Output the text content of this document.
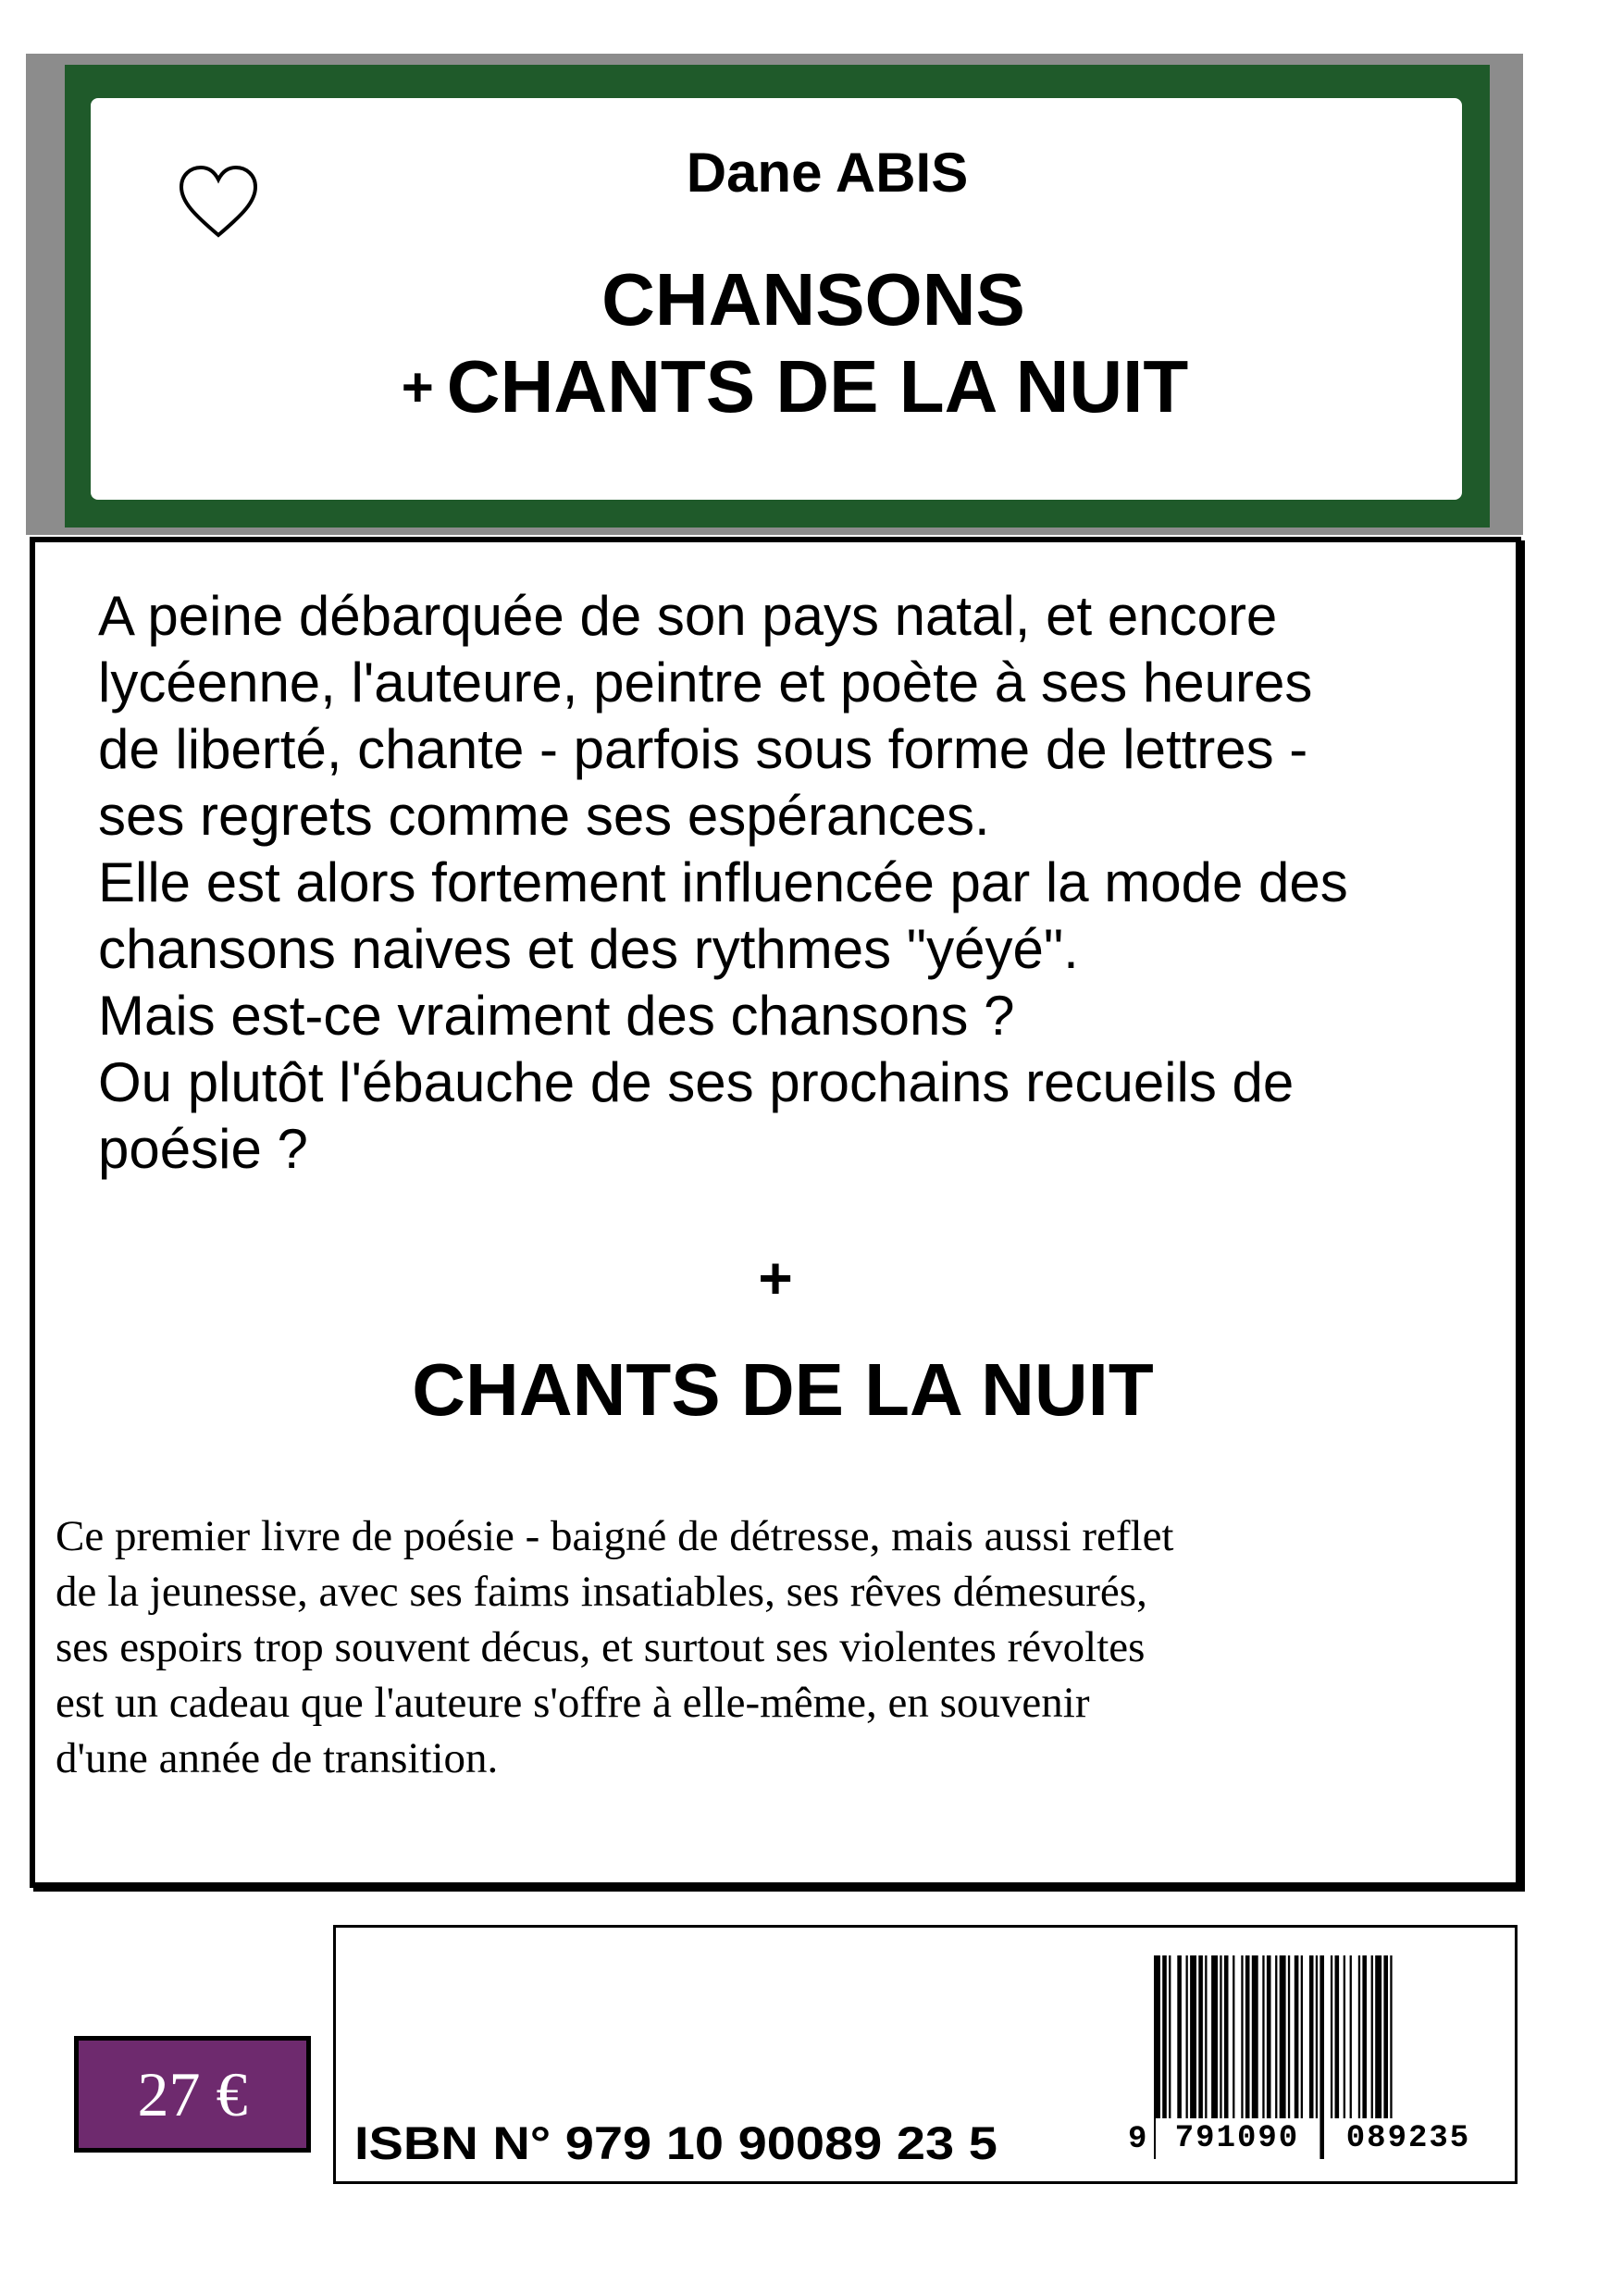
Dane ABIS
CHANSONS
+ CHANTS DE LA NUIT
A peine débarquée de son pays natal, et encore
lycéenne, l'auteure, peintre et poète à ses heures
de liberté, chante - parfois sous forme de lettres -
ses regrets comme ses espérances.
Elle est alors fortement influencée par la mode des
chansons naives et des rythmes "yéyé".
Mais est-ce vraiment des chansons ?
Ou plutôt l'ébauche de ses prochains recueils de
poésie ?
+
CHANTS DE LA NUIT
Ce premier livre de poésie - baigné de détresse, mais aussi reflet
de la jeunesse, avec ses faims insatiables, ses rêves démesurés,
ses espoirs trop souvent décus, et surtout ses violentes révoltes
est un cadeau que l'auteure s'offre à elle-même, en souvenir
d'une année de transition.
27 €
9 791090	089235
ISBN N° 979 10 90089 23 5
